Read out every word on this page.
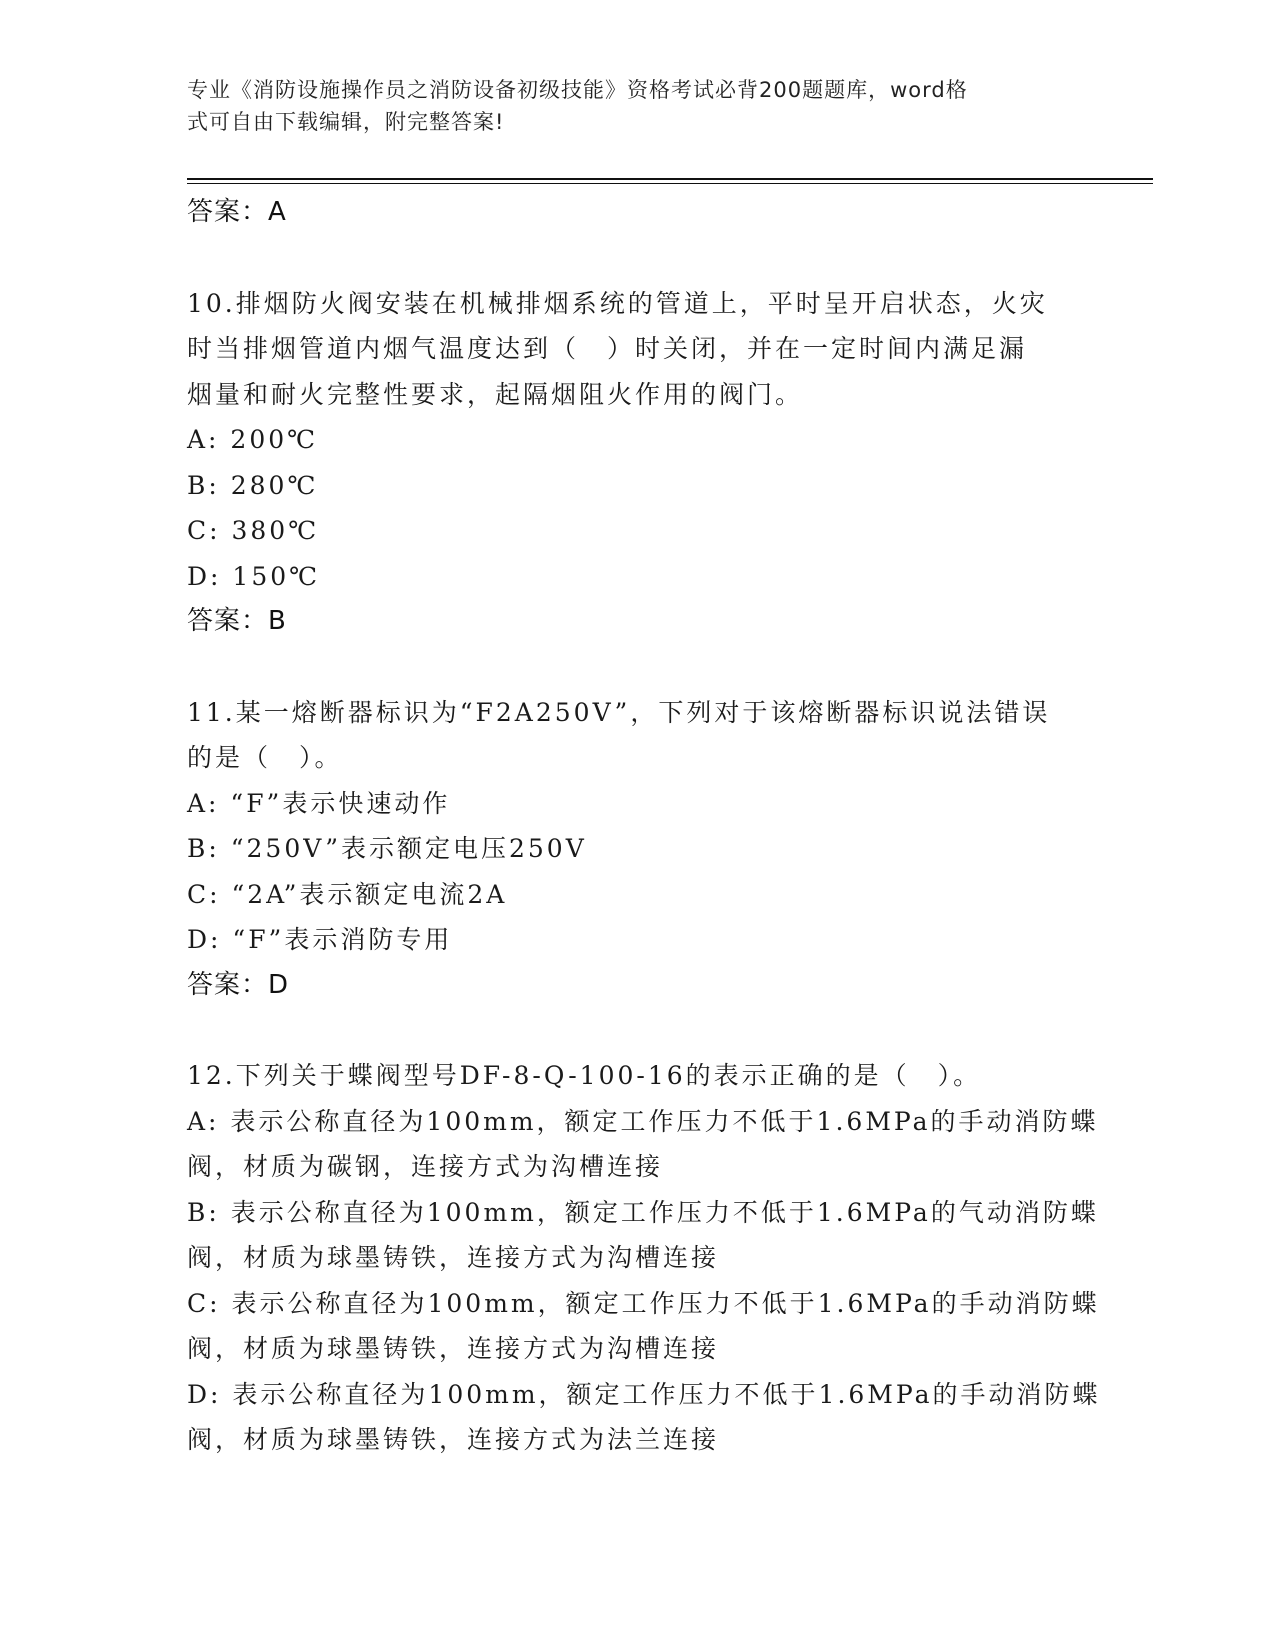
专业《消防设施操作员之消防设备初级技能》资格考试必背200题题库，word格
式可自由下载编辑，附完整答案!
答案：A
10.排烟防火阀安装在机械排烟系统的管道上，平时呈开启状态，火灾
时当排烟管道内烟气温度达到（　）时关闭，并在一定时间内满足漏
烟量和耐火完整性要求，起隔烟阻火作用的阀门。
A: 200℃
B: 280℃
C: 380℃
D: 150℃
答案：B
11.某一熔断器标识为“F2A250V”，下列对于该熔断器标识说法错误
的是（　）。
A: “F”表示快速动作
B: “250V”表示额定电压250V
C: “2A”表示额定电流2A
D: “F”表示消防专用
答案：D
12.下列关于蝶阀型号DF-8-Q-100-16的表示正确的是（　）。
A: 表示公称直径为100mm，额定工作压力不低于1.6MPa的手动消防蝶
阀，材质为碳钢，连接方式为沟槽连接
B: 表示公称直径为100mm，额定工作压力不低于1.6MPa的气动消防蝶
阀，材质为球墨铸铁，连接方式为沟槽连接
C: 表示公称直径为100mm，额定工作压力不低于1.6MPa的手动消防蝶
阀，材质为球墨铸铁，连接方式为沟槽连接
D: 表示公称直径为100mm，额定工作压力不低于1.6MPa的手动消防蝶
阀，材质为球墨铸铁，连接方式为法兰连接
